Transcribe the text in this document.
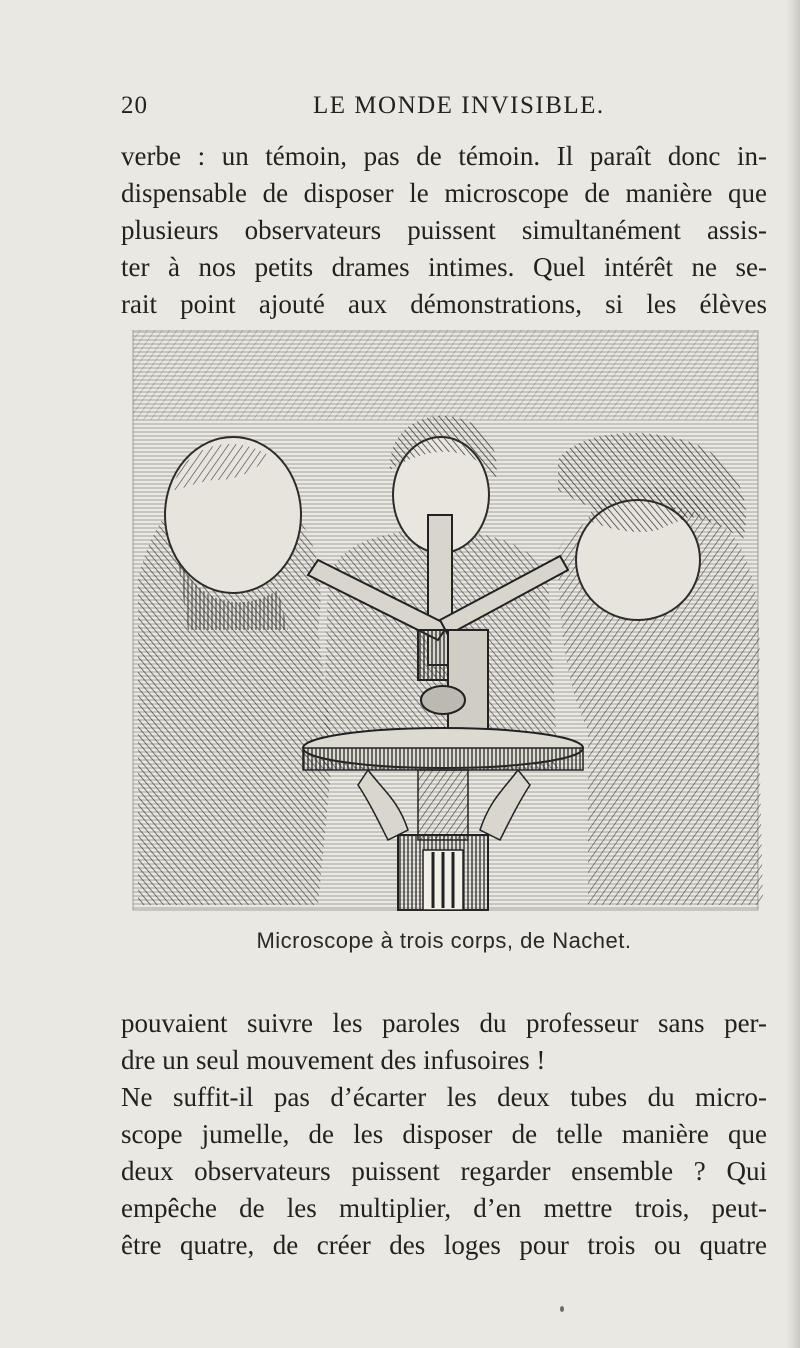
20	LE MONDE INVISIBLE.
verbe : un témoin, pas de témoin. Il paraît donc in-
dispensable de disposer le microscope de manière que
plusieurs observateurs puissent simultanément assis-
ter à nos petits drames intimes. Quel intérêt ne se-
rait point ajouté aux démonstrations, si les élèves
Microscope à trois corps, de Nachet.
pouvaient suivre les paroles du professeur sans per-
dre un seul mouvement des infusoires !
Ne suffit-il pas d’écarter les deux tubes du micro-
scope jumelle, de les disposer de telle manière que
deux observateurs puissent regarder ensemble ? Qui
empêche de les multiplier, d’en mettre trois, peut-
être quatre, de créer des loges pour trois ou quatre
